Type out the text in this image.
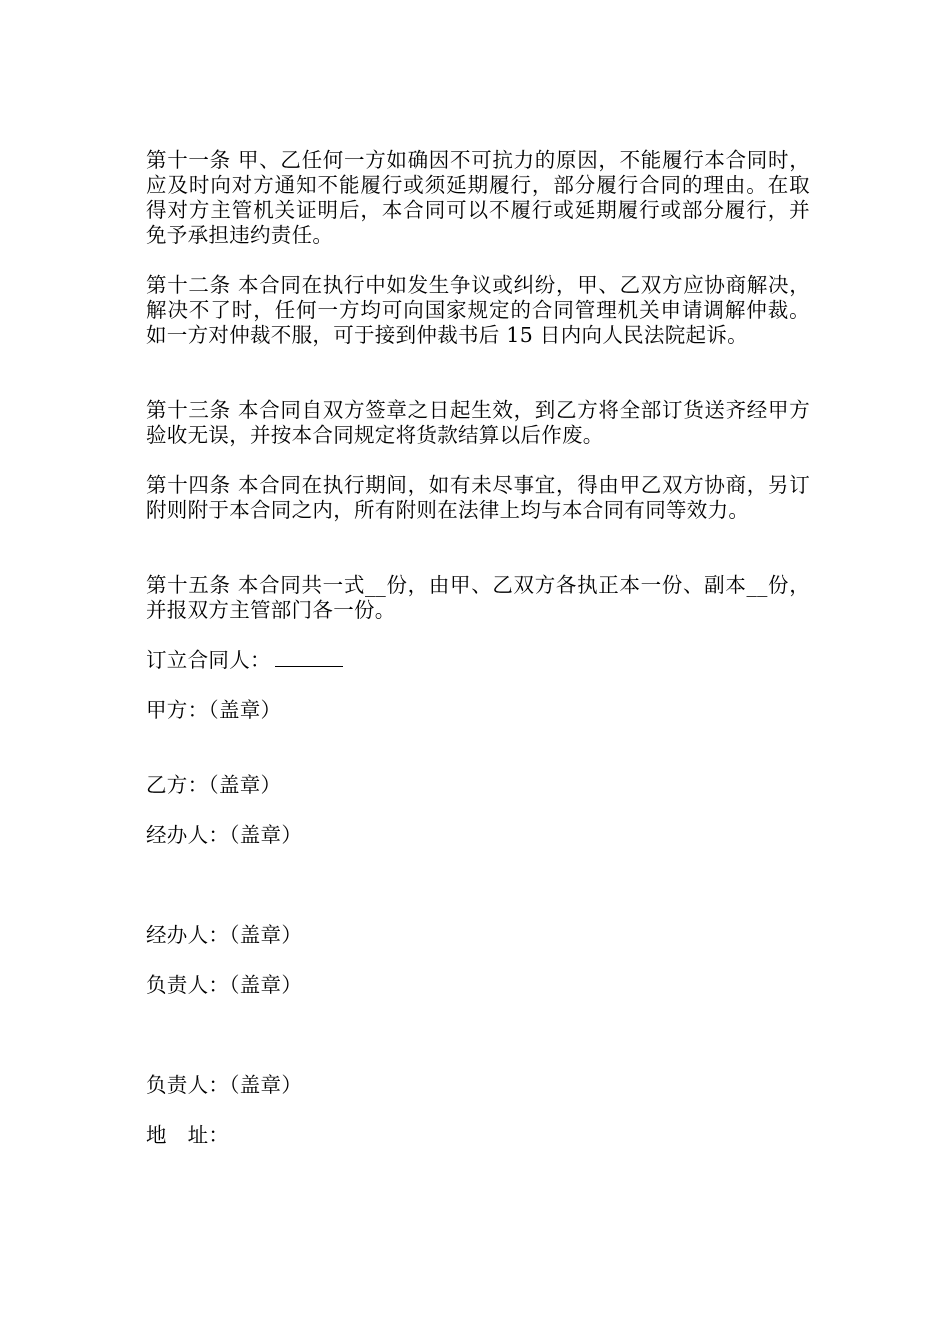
第十一条 甲、乙任何一方如确因不可抗力的原因，不能履行本合同时，应及时向对方通知不能履行或须延期履行，部分履行合同的理由。在取得对方主管机关证明后，本合同可以不履行或延期履行或部分履行，并免予承担违约责任。
第十二条 本合同在执行中如发生争议或纠纷，甲、乙双方应协商解决，解决不了时，任何一方均可向国家规定的合同管理机关申请调解仲裁。如一方对仲裁不服，可于接到仲裁书后 15 日内向人民法院起诉。
第十三条 本合同自双方签章之日起生效，到乙方将全部订货送齐经甲方验收无误，并按本合同规定将货款结算以后作废。
第十四条 本合同在执行期间，如有未尽事宜，得由甲乙双方协商，另订附则附于本合同之内，所有附则在法律上均与本合同有同等效力。
第十五条 本合同共一式__份，由甲、乙双方各执正本一份、副本__份，并报双方主管部门各一份。
订立合同人：
甲方：（盖章）
乙方：（盖章）
经办人：（盖章）
经办人：（盖章）
负责人：（盖章）
负责人：（盖章）
地　址：
